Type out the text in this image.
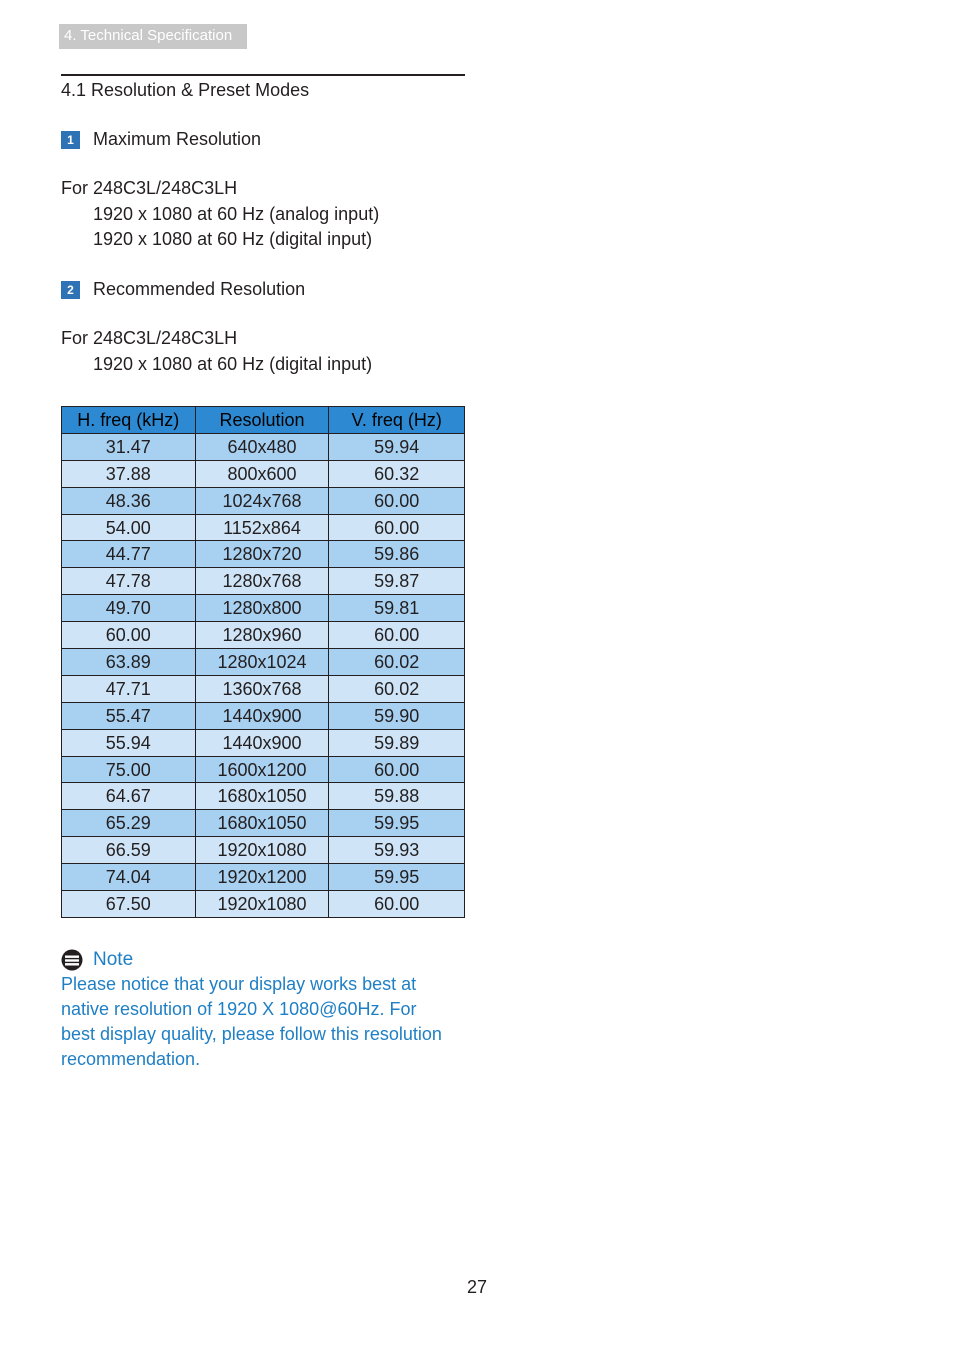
4. Technical Specification
4.1 Resolution & Preset Modes
1	Maximum Resolution
For 248C3L/248C3LH
1920 x 1080 at 60 Hz (analog input)
1920 x 1080 at 60 Hz (digital input)
2	Recommended Resolution
For 248C3L/248C3LH
1920 x 1080 at 60 Hz (digital input)
H. freq (kHz)	Resolution	V. freq (Hz)
31.47	640x480	59.94
37.88	800x600	60.32
48.36	1024x768	60.00
54.00	1152x864	60.00
44.77	1280x720	59.86
47.78	1280x768	59.87
49.70	1280x800	59.81
60.00	1280x960	60.00
63.89	1280x1024	60.02
47.71	1360x768	60.02
55.47	1440x900	59.90
55.94	1440x900	59.89
75.00	1600x1200	60.00
64.67	1680x1050	59.88
65.29	1680x1050	59.95
66.59	1920x1080	59.93
74.04	1920x1200	59.95
67.50	1920x1080	60.00
Note
Please notice that your display works best at
native resolution of 1920 X 1080@60Hz. For
best display quality, please follow this resolution
recommendation.
27
